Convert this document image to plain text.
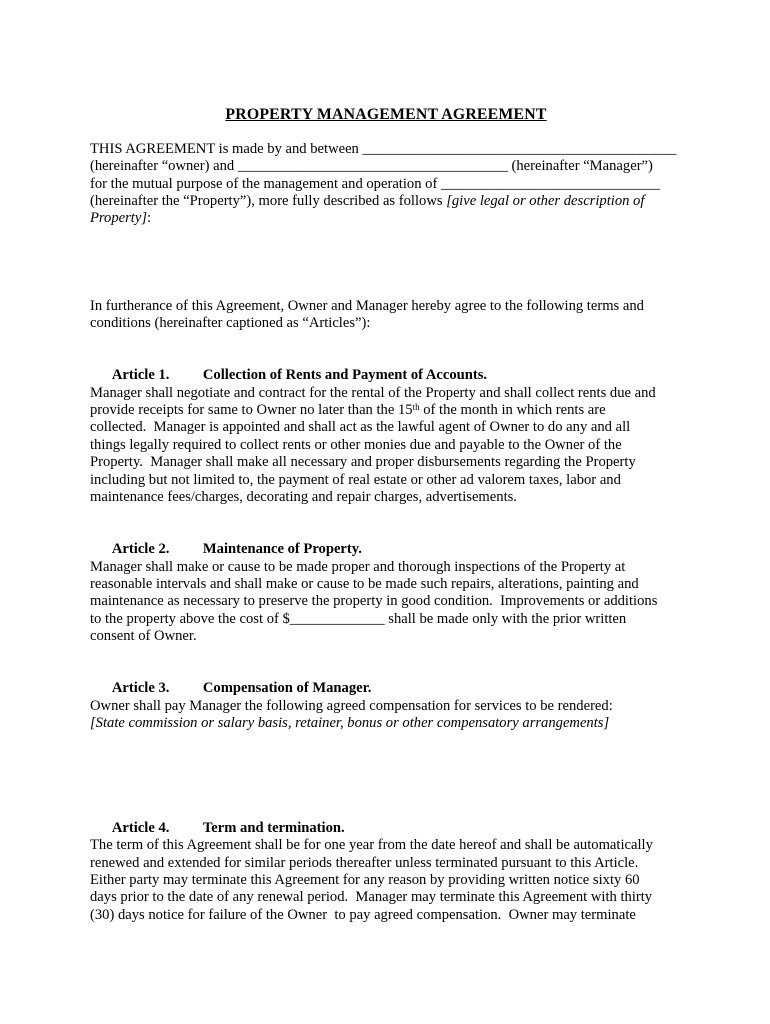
PROPERTY MANAGEMENT AGREEMENT
THIS AGREEMENT is made by and between ___________________________________________
(hereinafter “owner) and _____________________________________ (hereinafter “Manager”)
for the mutual purpose of the management and operation of ______________________________
(hereinafter the “Property”), more fully described as follows [give legal or other description of
Property]:
In furtherance of this Agreement, Owner and Manager hereby agree to the following terms and
conditions (hereinafter captioned as “Articles”):

Article 1. Collection of Rents and Payment of Accounts.

Manager shall negotiate and contract for the rental of the Property and shall collect rents due and
provide receipts for same to Owner no later than the 15th of the month in which rents are
collected.  Manager is appointed and shall act as the lawful agent of Owner to do any and all
things legally required to collect rents or other monies due and payable to the Owner of the
Property.  Manager shall make all necessary and proper disbursements regarding the Property
including but not limited to, the payment of real estate or other ad valorem taxes, labor and
maintenance fees/charges, decorating and repair charges, advertisements.

Article 2. Maintenance of Property.

Manager shall make or cause to be made proper and thorough inspections of the Property at
reasonable intervals and shall make or cause to be made such repairs, alterations, painting and
maintenance as necessary to preserve the property in good condition.  Improvements or additions
to the property above the cost of $_____________ shall be made only with the prior written
consent of Owner.

Article 3. Compensation of Manager.

Owner shall pay Manager the following agreed compensation for services to be rendered:
[State commission or salary basis, retainer, bonus or other compensatory arrangements]

Article 4. Term and termination.

The term of this Agreement shall be for one year from the date hereof and shall be automatically
renewed and extended for similar periods thereafter unless terminated pursuant to this Article.
Either party may terminate this Agreement for any reason by providing written notice sixty 60
days prior to the date of any renewal period.  Manager may terminate this Agreement with thirty
(30) days notice for failure of the Owner  to pay agreed compensation.  Owner may terminate
